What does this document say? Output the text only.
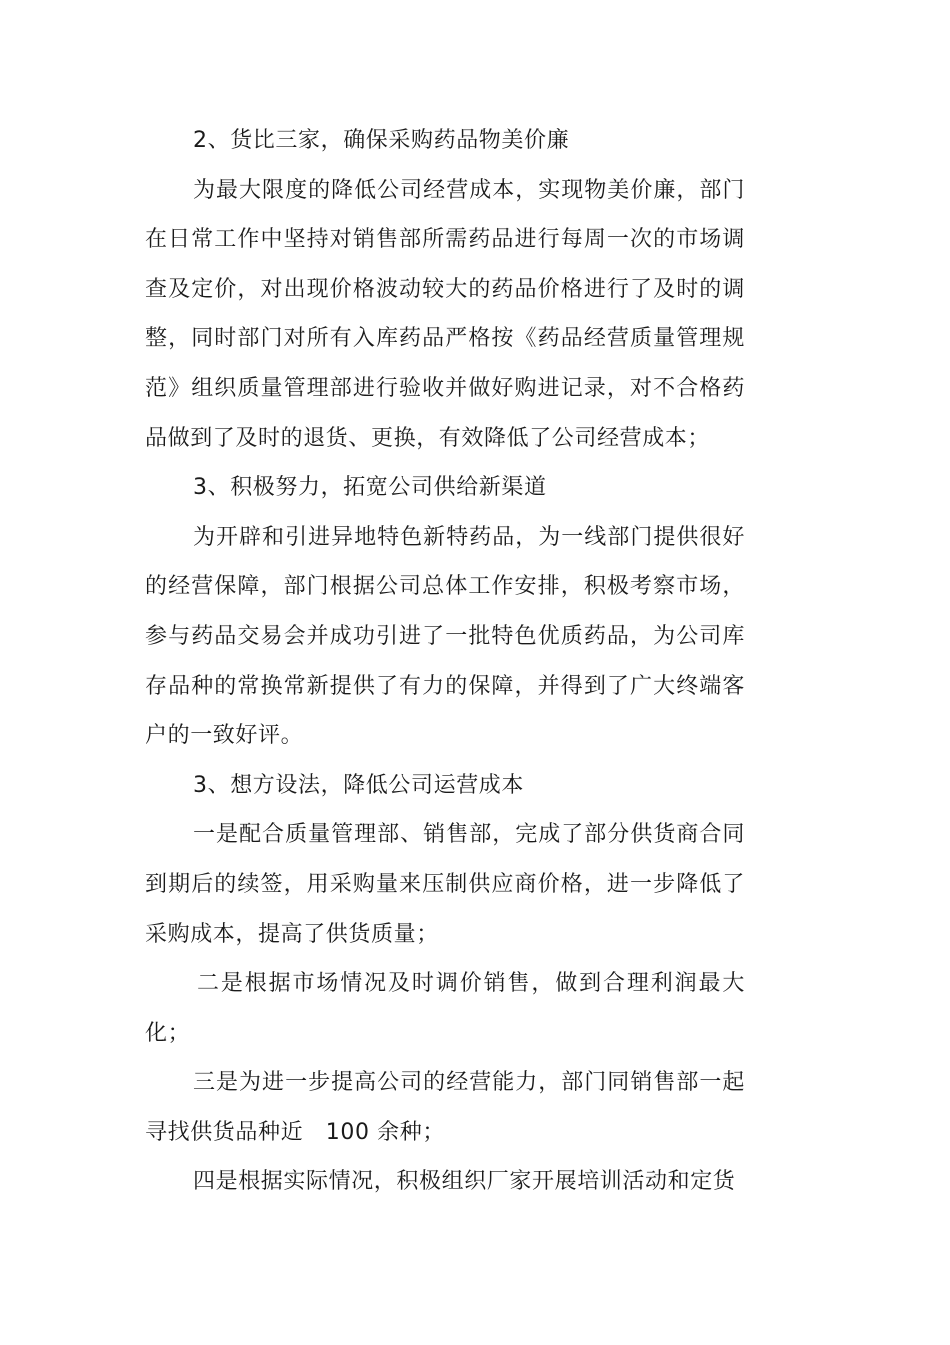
2、货比三家，确保采购药品物美价廉

为最大限度的降低公司经营成本，实现物美价廉，部门在日常工作中坚持对销售部所需药品进行每周一次的市场调查及定价，对出现价格波动较大的药品价格进行了及时的调整，同时部门对所有入库药品严格按《药品经营质量管理规范》组织质量管理部进行验收并做好购进记录，对不合格药品做到了及时的退货、更换，有效降低了公司经营成本；

3、积极努力，拓宽公司供给新渠道

为开辟和引进异地特色新特药品，为一线部门提供很好的经营保障，部门根据公司总体工作安排，积极考察市场，参与药品交易会并成功引进了一批特色优质药品，为公司库存品种的常换常新提供了有力的保障，并得到了广大终端客户的一致好评。

3、想方设法，降低公司运营成本

一是配合质量管理部、销售部，完成了部分供货商合同到期后的续签，用采购量来压制供应商价格，进一步降低了采购成本，提高了供货质量；

二是根据市场情况及时调价销售，做到合理利润最大化；

三是为进一步提高公司的经营能力，部门同销售部一起寻找供货品种近　100 余种；

四是根据实际情况，积极组织厂家开展培训活动和定货
